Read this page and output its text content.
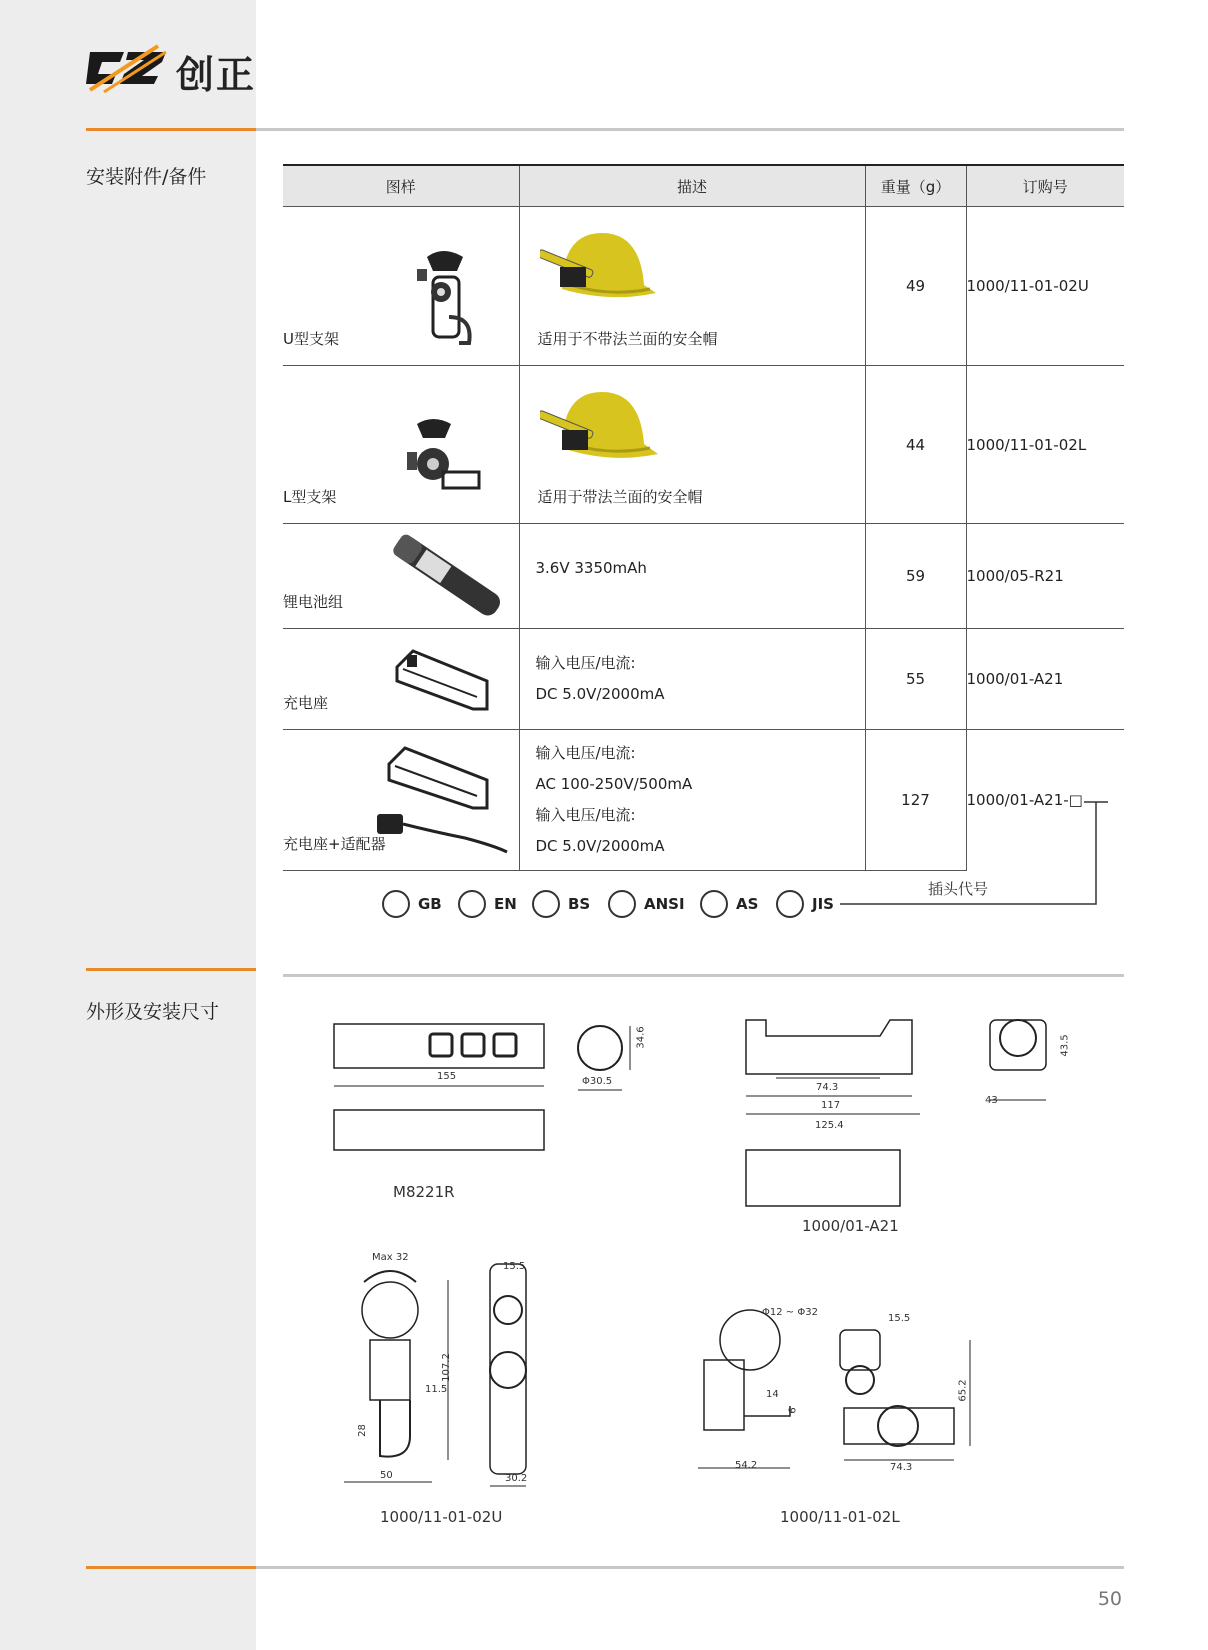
创正
安装附件/备件	图样	描述	重量（g）	订购号

U型支架	适用于不带法兰面的安全帽	49	1000/11-01-02U

L型支架	适用于带法兰面的安全帽	44	1000/11-01-02L

锂电池组	3.6V 3350mAh	59	1000/05-R21

充电座	输入电压/电流:
DC 5.0V/2000mA	55	1000/01-A21

充电座+适配器	输入电压/电流:
AC 100-250V/500mA
输入电压/电流:
DC 5.0V/2000mA	127	1000/01-A21-□
GB	EN	BS	ANSI	AS	JIS
插头代号
外形及安装尺寸
155
34.6
Φ30.5
M8221R
74.3
117
125.4
43.5
43
1000/01-A21
Max 32
107.2
11.5
28
50
15.5
30.2
1000/11-01-02U
Φ12 ~ Φ32
14
6
54.2
15.5
65.2
74.3
1000/11-01-02L
50
